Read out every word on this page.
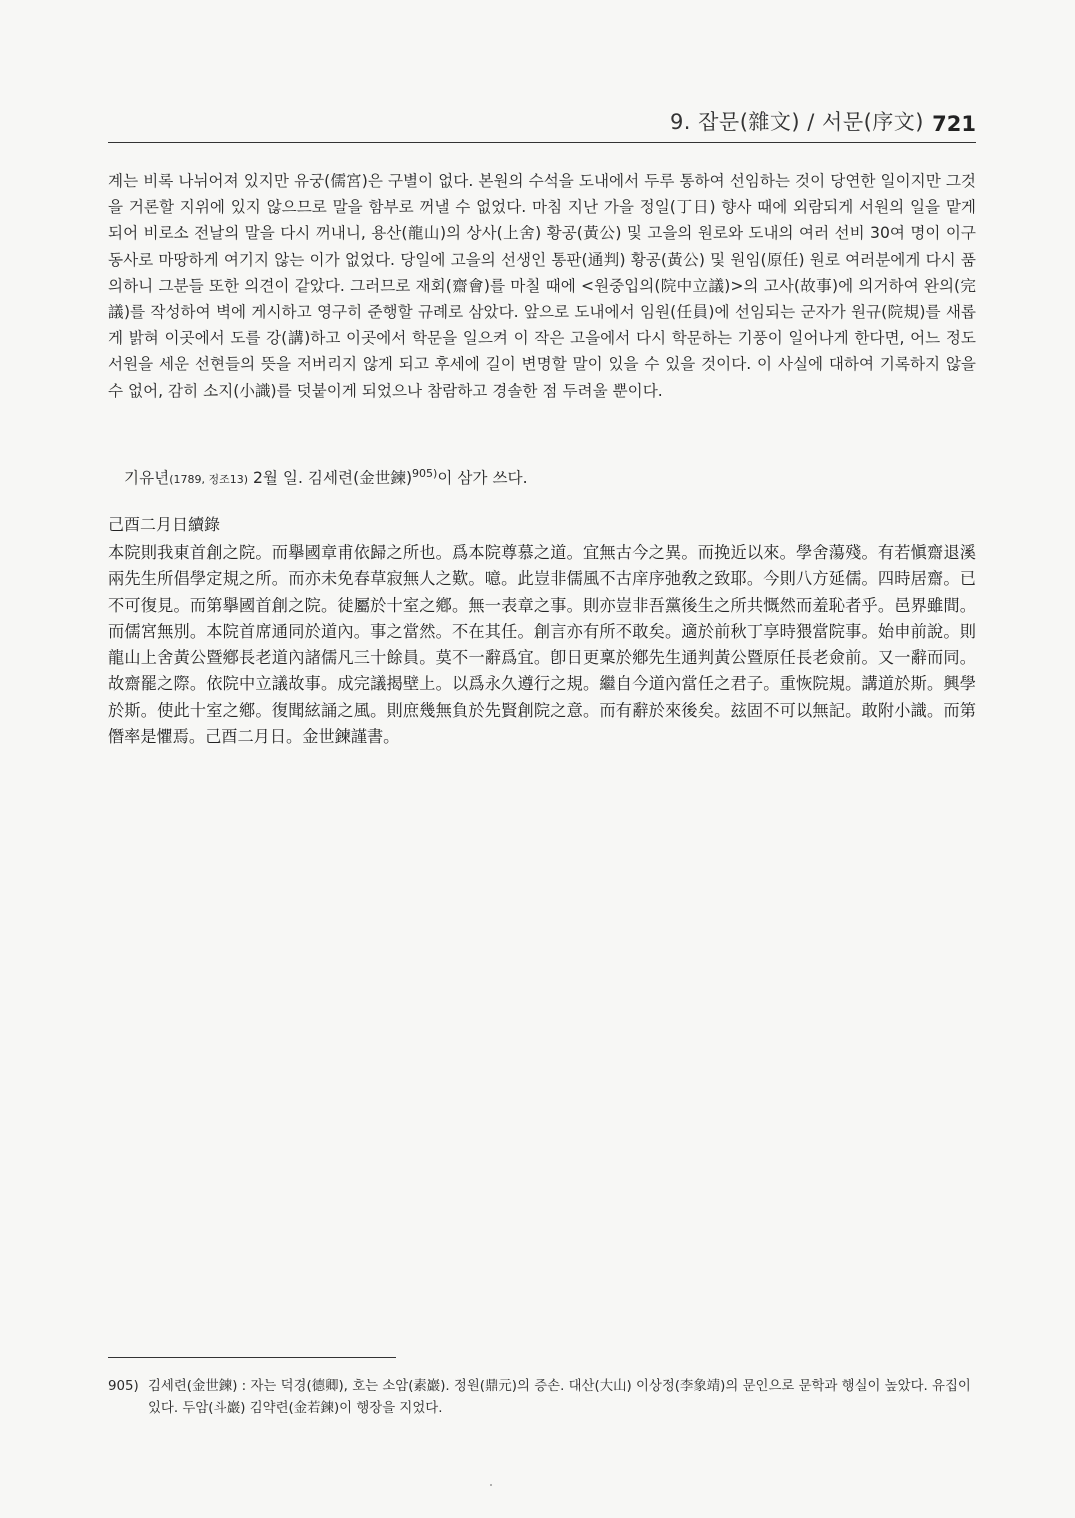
9. 잡문(雜文) / 서문(序文) 721

계는 비록 나뉘어져 있지만 유궁(儒宮)은 구별이 없다. 본원의 수석을 도내에서 두루 통하여 선임하는 것이 당연한 일이지만 그것을 거론할 지위에 있지 않으므로 말을 함부로 꺼낼 수 없었다. 마침 지난 가을 정일(丁日) 향사 때에 외람되게 서원의 일을 맡게 되어 비로소 전날의 말을 다시 꺼내니, 용산(龍山)의 상사(上舍) 황공(黃公) 및 고을의 원로와 도내의 여러 선비 30여 명이 이구동사로 마땅하게 여기지 않는 이가 없었다. 당일에 고을의 선생인 통판(通判) 황공(黃公) 및 원임(原任) 원로 여러분에게 다시 품의하니 그분들 또한 의견이 같았다. 그러므로 재회(齋會)를 마칠 때에 <원중입의(院中立議)>의 고사(故事)에 의거하여 완의(完議)를 작성하여 벽에 게시하고 영구히 준행할 규례로 삼았다. 앞으로 도내에서 임원(任員)에 선임되는 군자가 원규(院規)를 새롭게 밝혀 이곳에서 도를 강(講)하고 이곳에서 학문을 일으켜 이 작은 고을에서 다시 학문하는 기풍이 일어나게 한다면, 어느 정도 서원을 세운 선현들의 뜻을 저버리지 않게 되고 후세에 길이 변명할 말이 있을 수 있을 것이다. 이 사실에 대하여 기록하지 않을 수 없어, 감히 소지(小識)를 덧붙이게 되었으나 참람하고 경솔한 점 두려울 뿐이다.

기유년(1789, 정조13) 2월 일. 김세련(金世鍊)$^{905)}$이 삼가 쓰다.
己酉二月日續錄

本院則我東首創之院。而擧國章甫依歸之所也。爲本院尊慕之道。宜無古今之異。而挽近以來。學舍蕩殘。有若愼齋退溪兩先生所倡學定規之所。而亦未免春草寂無人之歎。噫。此豈非儒風不古庠序弛敎之致耶。今則八方延儒。四時居齋。已不可復見。而第擧國首創之院。徒屬於十室之鄕。無一表章之事。則亦豈非吾黨後生之所共慨然而羞恥者乎。邑界雖間。而儒宮無別。本院首席通同於道內。事之當然。不在其任。創言亦有所不敢矣。適於前秋丁享時猥當院事。始申前說。則龍山上舍黃公暨鄕長老道內諸儒凡三十餘員。莫不一辭爲宜。卽日更稟於鄕先生通判黃公暨原任長老僉前。又一辭而同。故齋罷之際。依院中立議故事。成完議揭壁上。以爲永久遵行之規。繼自今道內當任之君子。重恢院規。講道於斯。興學於斯。使此十室之鄕。復聞絃誦之風。則庶幾無負於先賢創院之意。而有辭於來後矣。玆固不可以無記。敢附小識。而第僭率是懼焉。己酉二月日。金世鍊謹書。

905) 김세련(金世鍊) : 자는 덕경(德卿), 호는 소암(素巖). 정원(鼎元)의 증손. 대산(大山) 이상정(李象靖)의 문인으로 문학과 행실이 높았다. 유집이 있다. 두암(斗巖) 김약련(金若鍊)이 행장을 지었다.
